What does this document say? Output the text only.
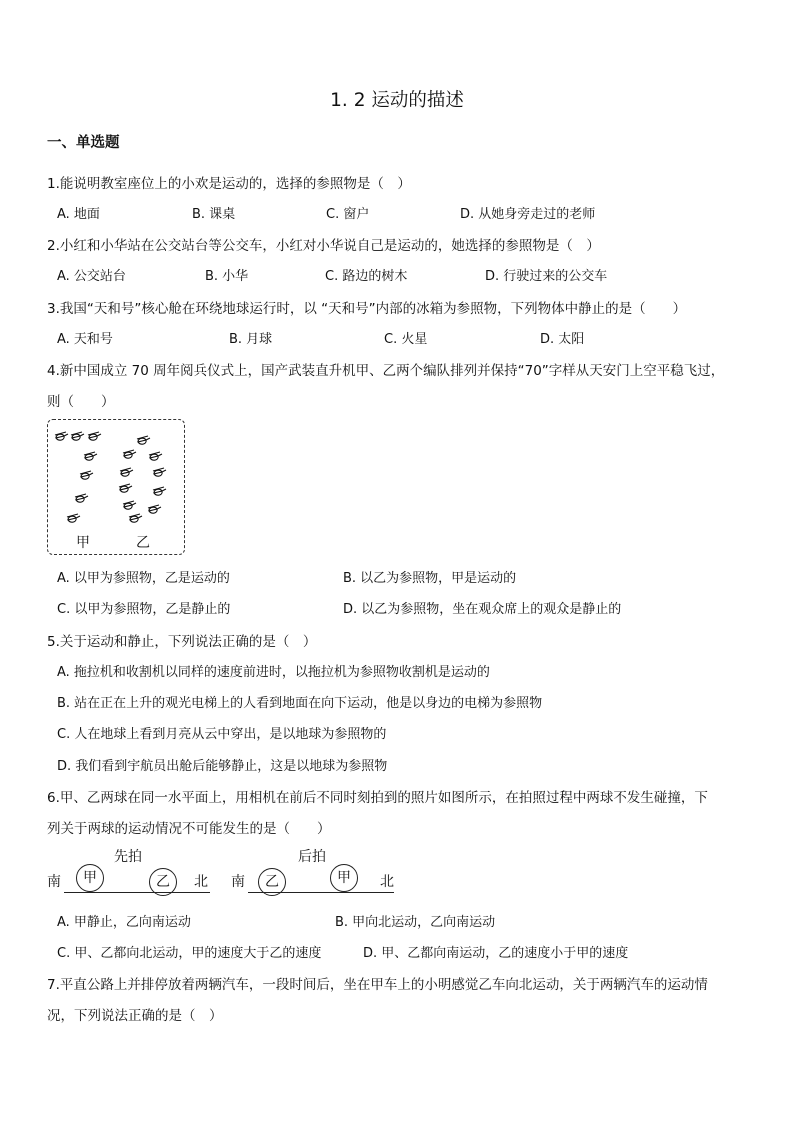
1. 2 运动的描述
一、单选题
1.能说明教室座位上的小欢是运动的，选择的参照物是（　）
A. 地面	B. 课桌	C. 窗户	D. 从她身旁走过的老师
2.小红和小华站在公交站台等公交车，小红对小华说自己是运动的，她选择的参照物是（　）
A. 公交站台	B. 小华	C. 路边的树木	D. 行驶过来的公交车
3.我国“天和号”核心舱在环绕地球运行时，以 “天和号”内部的冰箱为参照物，下列物体中静止的是（　　）
A. 天和号	B. 月球	C. 火星	D. 太阳
4.新中国成立 70 周年阅兵仪式上，国产武装直升机甲、乙两个编队排列并保持“70”字样从天安门上空平稳飞过，
则（　　）
甲	乙
A. 以甲为参照物，乙是运动的	B. 以乙为参照物，甲是运动的
C. 以甲为参照物，乙是静止的	D. 以乙为参照物，坐在观众席上的观众是静止的
5.关于运动和静止，下列说法正确的是（　）
A. 拖拉机和收割机以同样的速度前进时，以拖拉机为参照物收割机是运动的
B. 站在正在上升的观光电梯上的人看到地面在向下运动，他是以身边的电梯为参照物
C. 人在地球上看到月亮从云中穿出，是以地球为参照物的
D. 我们看到宇航员出舱后能够静止，这是以地球为参照物
6.甲、乙两球在同一水平面上，用相机在前后不同时刻拍到的照片如图所示，在拍照过程中两球不发生碰撞，下
列关于两球的运动情况不可能发生的是（　　）
先拍
南	北
甲	乙
后拍
南	北
乙	甲
A. 甲静止，乙向南运动	B. 甲向北运动，乙向南运动
C. 甲、乙都向北运动，甲的速度大于乙的速度	D. 甲、乙都向南运动，乙的速度小于甲的速度
7.平直公路上并排停放着两辆汽车，一段时间后，坐在甲车上的小明感觉乙车向北运动，关于两辆汽车的运动情
况，下列说法正确的是（　）
